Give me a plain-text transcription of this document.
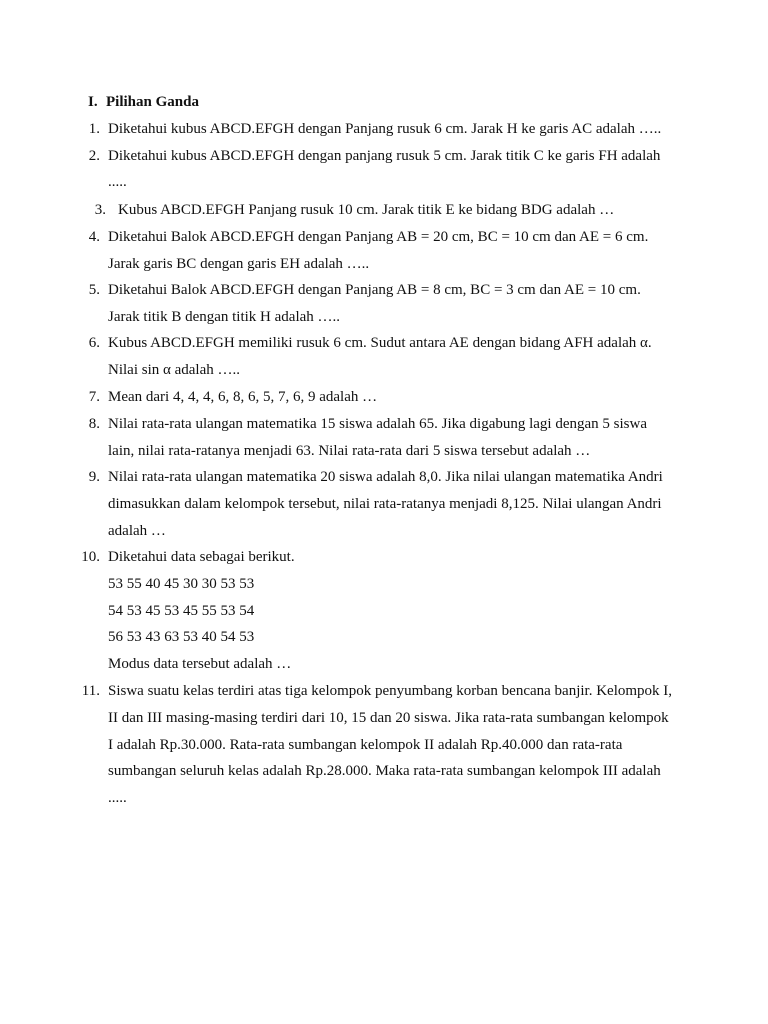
I. Pilihan Ganda
1. Diketahui kubus ABCD.EFGH dengan Panjang rusuk 6 cm. Jarak H ke garis AC adalah …..
2. Diketahui kubus ABCD.EFGH dengan panjang rusuk 5 cm. Jarak titik C ke garis FH adalah
.....
3. Kubus ABCD.EFGH Panjang rusuk 10 cm. Jarak titik E ke bidang BDG adalah …
4. Diketahui Balok ABCD.EFGH dengan Panjang AB = 20 cm, BC = 10 cm dan AE = 6 cm.
Jarak garis BC dengan garis EH adalah …..
5. Diketahui Balok ABCD.EFGH dengan Panjang AB = 8 cm, BC = 3 cm dan AE = 10 cm.
Jarak titik B dengan titik H adalah …..
6. Kubus ABCD.EFGH memiliki rusuk 6 cm. Sudut antara AE dengan bidang AFH adalah α.
Nilai sin α adalah …..
7. Mean dari 4, 4, 4, 6, 8, 6, 5, 7, 6, 9 adalah …
8. Nilai rata-rata ulangan matematika 15 siswa adalah 65. Jika digabung lagi dengan 5 siswa
lain, nilai rata-ratanya menjadi 63. Nilai rata-rata dari 5 siswa tersebut adalah …
9. Nilai rata-rata ulangan matematika 20 siswa adalah 8,0. Jika nilai ulangan matematika Andri
dimasukkan dalam kelompok tersebut, nilai rata-ratanya menjadi 8,125. Nilai ulangan Andri
adalah …
10. Diketahui data sebagai berikut.
53 55 40 45 30 30 53 53
54 53 45 53 45 55 53 54
56 53 43 63 53 40 54 53
Modus data tersebut adalah …
11. Siswa suatu kelas terdiri atas tiga kelompok penyumbang korban bencana banjir. Kelompok I,
II dan III masing-masing terdiri dari 10, 15 dan 20 siswa. Jika rata-rata sumbangan kelompok
I adalah Rp.30.000. Rata-rata sumbangan kelompok II adalah Rp.40.000 dan rata-rata
sumbangan seluruh kelas adalah Rp.28.000. Maka rata-rata sumbangan kelompok III adalah
.....
